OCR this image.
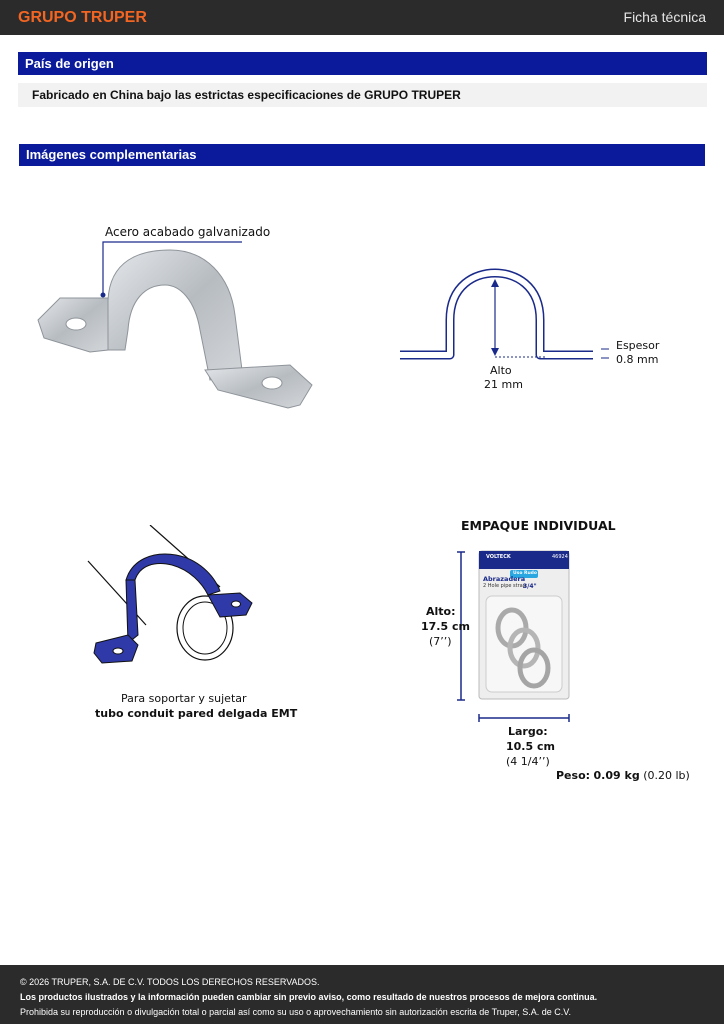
GRUPO TRUPER	Ficha técnica
País de origen
Fabricado en China bajo las estrictas especificaciones de GRUPO TRUPER
Imágenes complementarias
Acero acabado galvanizado
Espesor
0.8 mm
Alto
21 mm
Para soportar y sujetar
tubo conduit pared delgada EMT
EMPAQUE INDIVIDUAL
VOLTECK	46924
Uso Rudo
Abrazadera
2 Hole pipe strap
3/4"
Alto:
17.5 cm
(7’’)
Largo:
10.5 cm
(4 1/4’’)
Peso: 0.09 kg (0.20 lb)
© 2026 TRUPER, S.A. DE C.V. TODOS LOS DERECHOS RESERVADOS.
Los productos ilustrados y la información pueden cambiar sin previo aviso, como resultado de nuestros procesos de mejora continua.
Prohibida su reproducción o divulgación total o parcial así como su uso o aprovechamiento sin autorización escrita de Truper, S.A. de C.V.
